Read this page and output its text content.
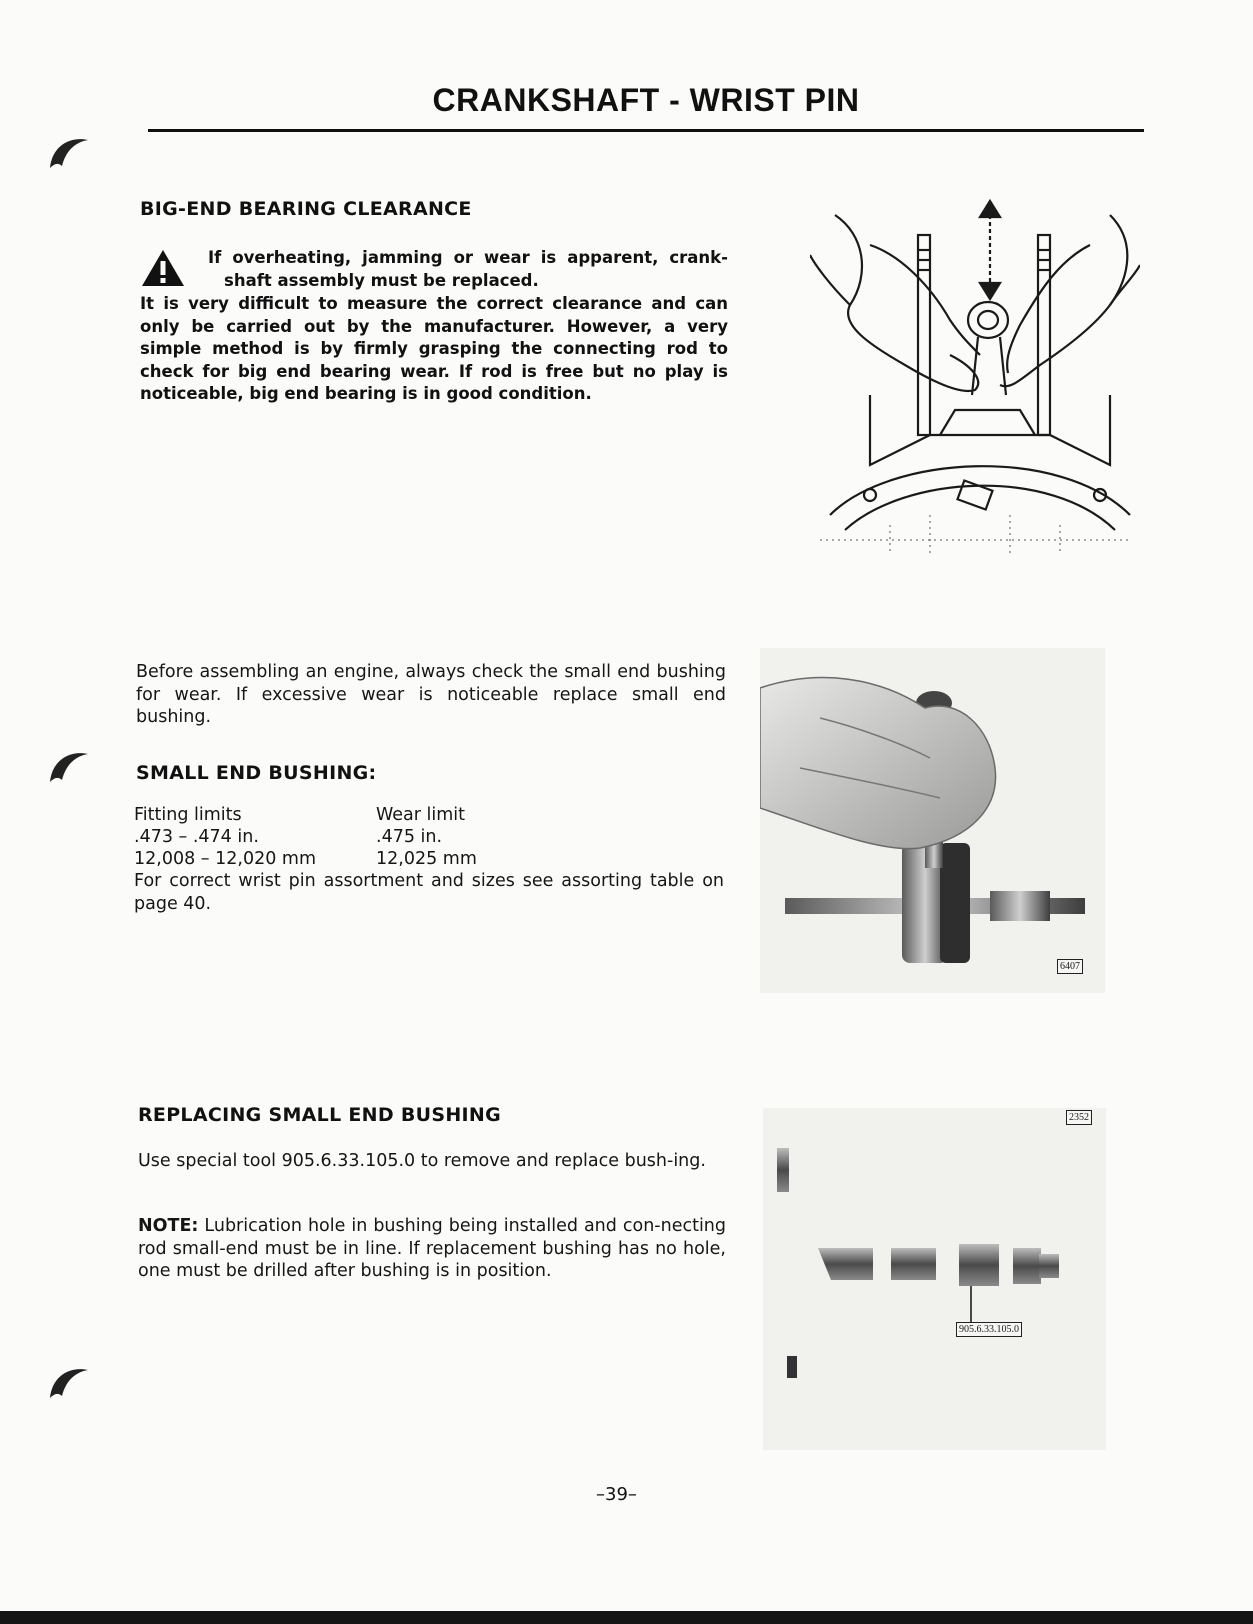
CRANKSHAFT - WRIST PIN
BIG-END BEARING CLEARANCE
If overheating, jamming or wear is apparent, crank-
shaft assembly must be replaced.
It is very difficult to measure the correct clearance and can only be carried out by the manufacturer. However, a very simple method is by firmly grasping the connecting rod to check for big end bearing wear. If rod is free but no play is noticeable, big end bearing is in good condition.
Before assembling an engine, always check the small end bushing for wear. If excessive wear is noticeable replace small end bushing.
6407
SMALL END BUSHING:
Fitting limits	Wear limit
.473 – .474 in.	.475 in.
12,008 – 12,020 mm	12,025 mm
For correct wrist pin assortment and sizes see assorting table on page 40.
REPLACING SMALL END BUSHING
Use special tool 905.6.33.105.0 to remove and replace bush-ing.
NOTE: Lubrication hole in bushing being installed and con-necting rod small-end must be in line. If replacement bushing has no hole, one must be drilled after bushing is in position.
2352
905.6.33.105.0
–39–
